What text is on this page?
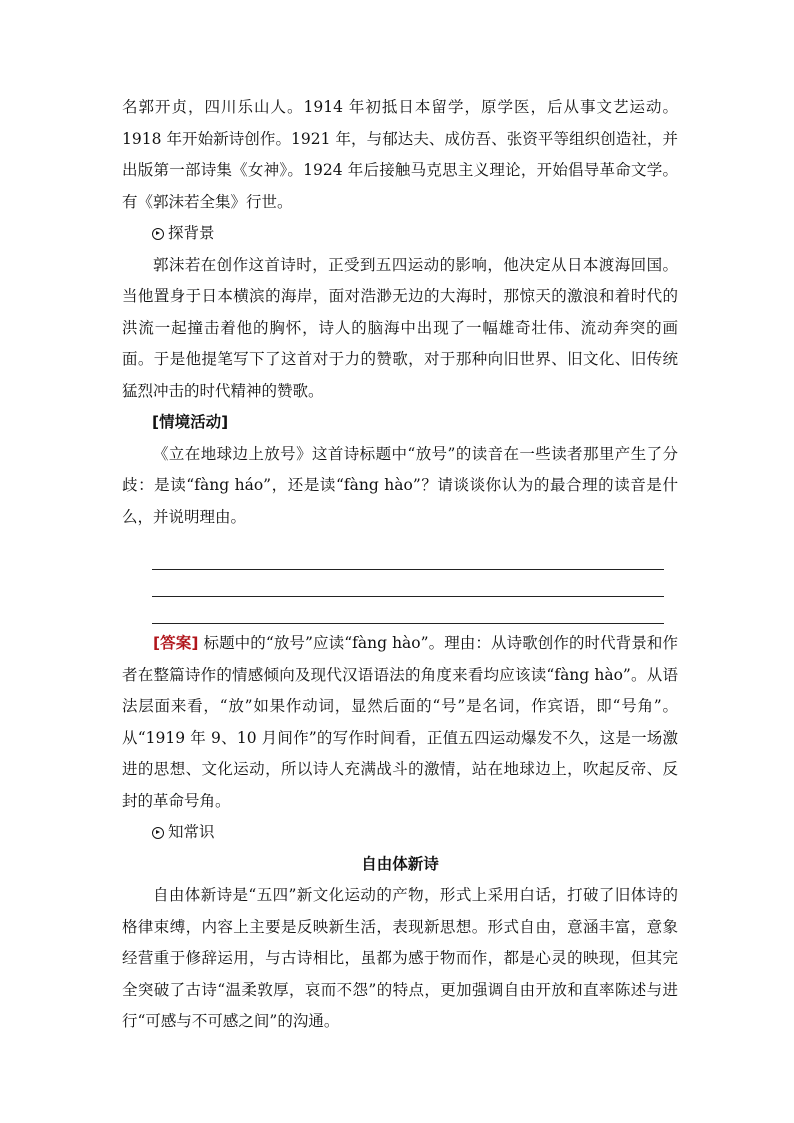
名郭开贞，四川乐山人。1914 年初抵日本留学，原学医，后从事文艺运动。1918 年开始新诗创作。1921 年，与郁达夫、成仿吾、张资平等组织创造社，并出版第一部诗集《女神》。1924 年后接触马克思主义理论，开始倡导革命文学。有《郭沫若全集》行世。

探背景

郭沫若在创作这首诗时，正受到五四运动的影响，他决定从日本渡海回国。当他置身于日本横滨的海岸，面对浩渺无边的大海时，那惊天的激浪和着时代的洪流一起撞击着他的胸怀，诗人的脑海中出现了一幅雄奇壮伟、流动奔突的画面。于是他提笔写下了这首对于力的赞歌，对于那种向旧世界、旧文化、旧传统猛烈冲击的时代精神的赞歌。

[情境活动]

《立在地球边上放号》这首诗标题中“放号”的读音在一些读者那里产生了分歧：是读“fàng háo”，还是读“fàng hào”？请谈谈你认为的最合理的读音是什么，并说明理由。

[答案] 标题中的“放号”应读“fàng hào”。理由：从诗歌创作的时代背景和作者在整篇诗作的情感倾向及现代汉语语法的角度来看均应该读“fàng hào”。从语法层面来看，“放”如果作动词，显然后面的“号”是名词，作宾语，即“号角”。从“1919 年 9、10 月间作”的写作时间看，正值五四运动爆发不久，这是一场激进的思想、文化运动，所以诗人充满战斗的激情，站在地球边上，吹起反帝、反封的革命号角。

知常识

自由体新诗

自由体新诗是“五四”新文化运动的产物，形式上采用白话，打破了旧体诗的格律束缚，内容上主要是反映新生活，表现新思想。形式自由，意涵丰富，意象经营重于修辞运用，与古诗相比，虽都为感于物而作，都是心灵的映现，但其完全突破了古诗“温柔敦厚，哀而不怨”的特点，更加强调自由开放和直率陈述与进行“可感与不可感之间”的沟通。
